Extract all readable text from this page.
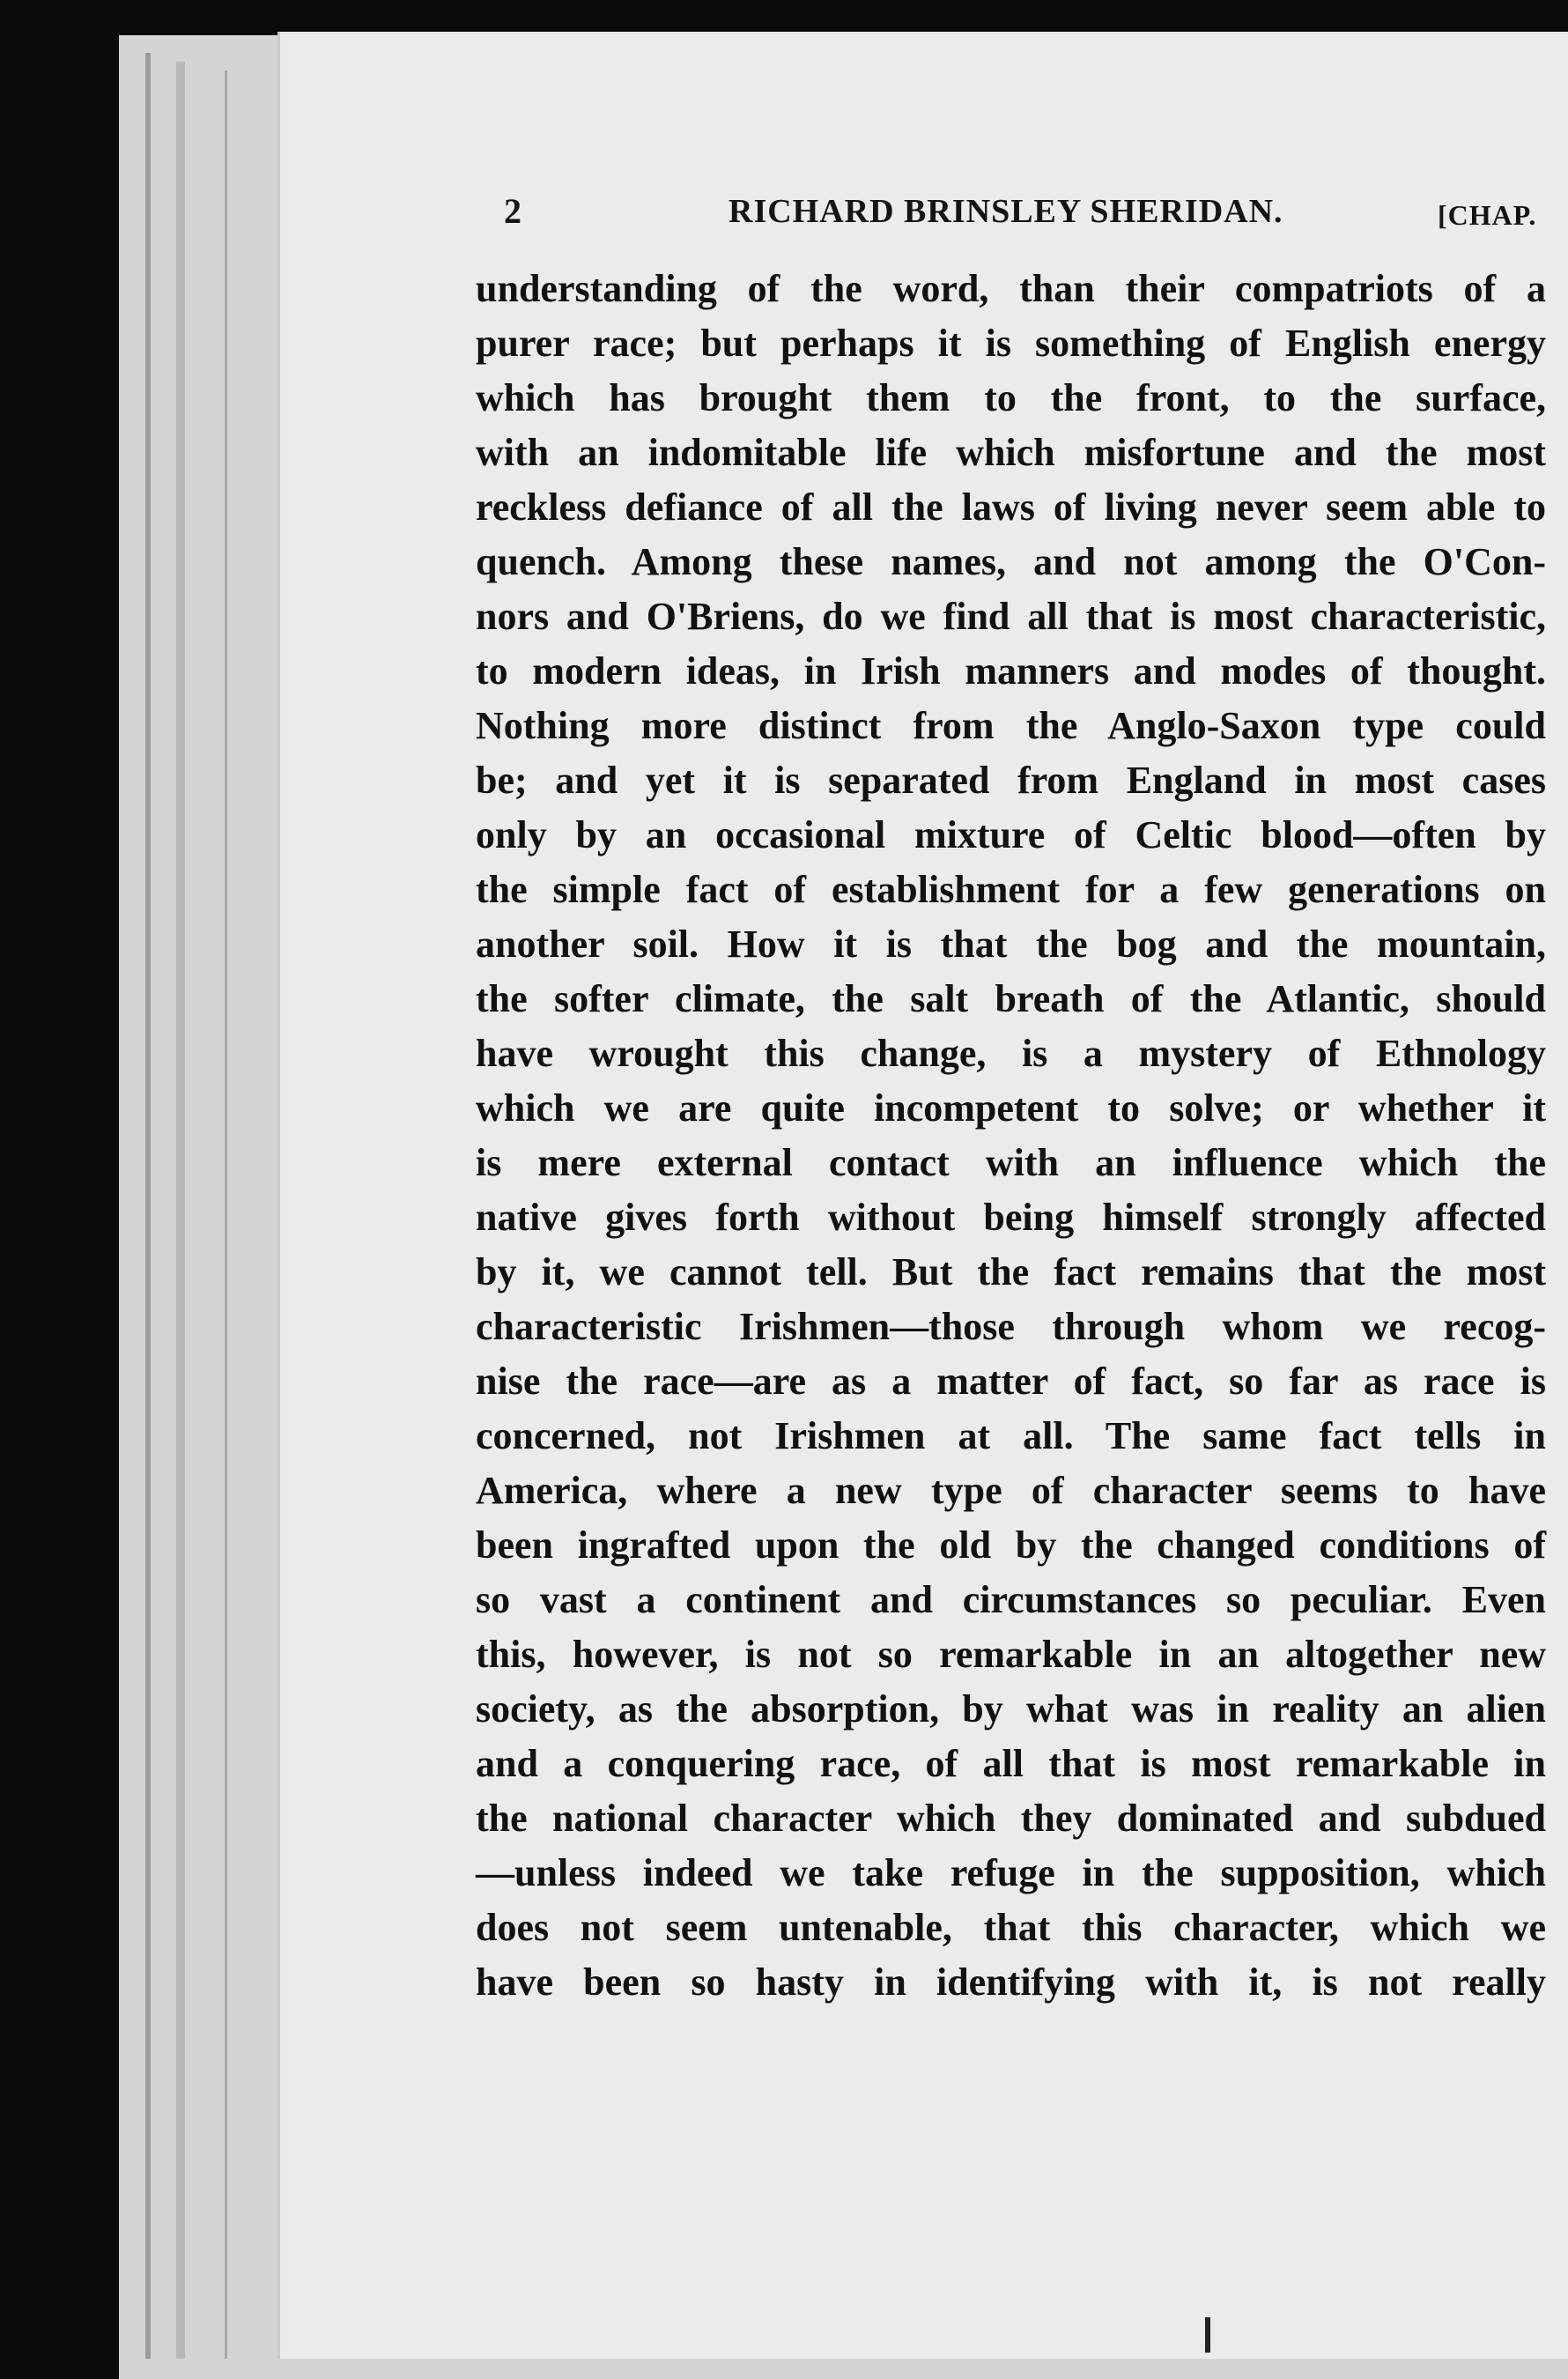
2	RICHARD BRINSLEY SHERIDAN.	[CHAP.
understanding of the word, than their compatriots of a
purer race; but perhaps it is something of English energy
which has brought them to the front, to the surface,
with an indomitable life which misfortune and the most
reckless defiance of all the laws of living never seem able to
quench. Among these names, and not among the O'Con-
nors and O'Briens, do we find all that is most characteristic,
to modern ideas, in Irish manners and modes of thought.
Nothing more distinct from the Anglo-Saxon type could
be; and yet it is separated from England in most cases
only by an occasional mixture of Celtic blood—often by
the simple fact of establishment for a few generations on
another soil. How it is that the bog and the mountain,
the softer climate, the salt breath of the Atlantic, should
have wrought this change, is a mystery of Ethnology
which we are quite incompetent to solve; or whether it
is mere external contact with an influence which the
native gives forth without being himself strongly affected
by it, we cannot tell. But the fact remains that the most
characteristic Irishmen—those through whom we recog-
nise the race—are as a matter of fact, so far as race is
concerned, not Irishmen at all. The same fact tells in
America, where a new type of character seems to have
been ingrafted upon the old by the changed conditions of
so vast a continent and circumstances so peculiar. Even
this, however, is not so remarkable in an altogether new
society, as the absorption, by what was in reality an alien
and a conquering race, of all that is most remarkable in
the national character which they dominated and subdued
—unless indeed we take refuge in the supposition, which
does not seem untenable, that this character, which we
have been so hasty in identifying with it, is not really
